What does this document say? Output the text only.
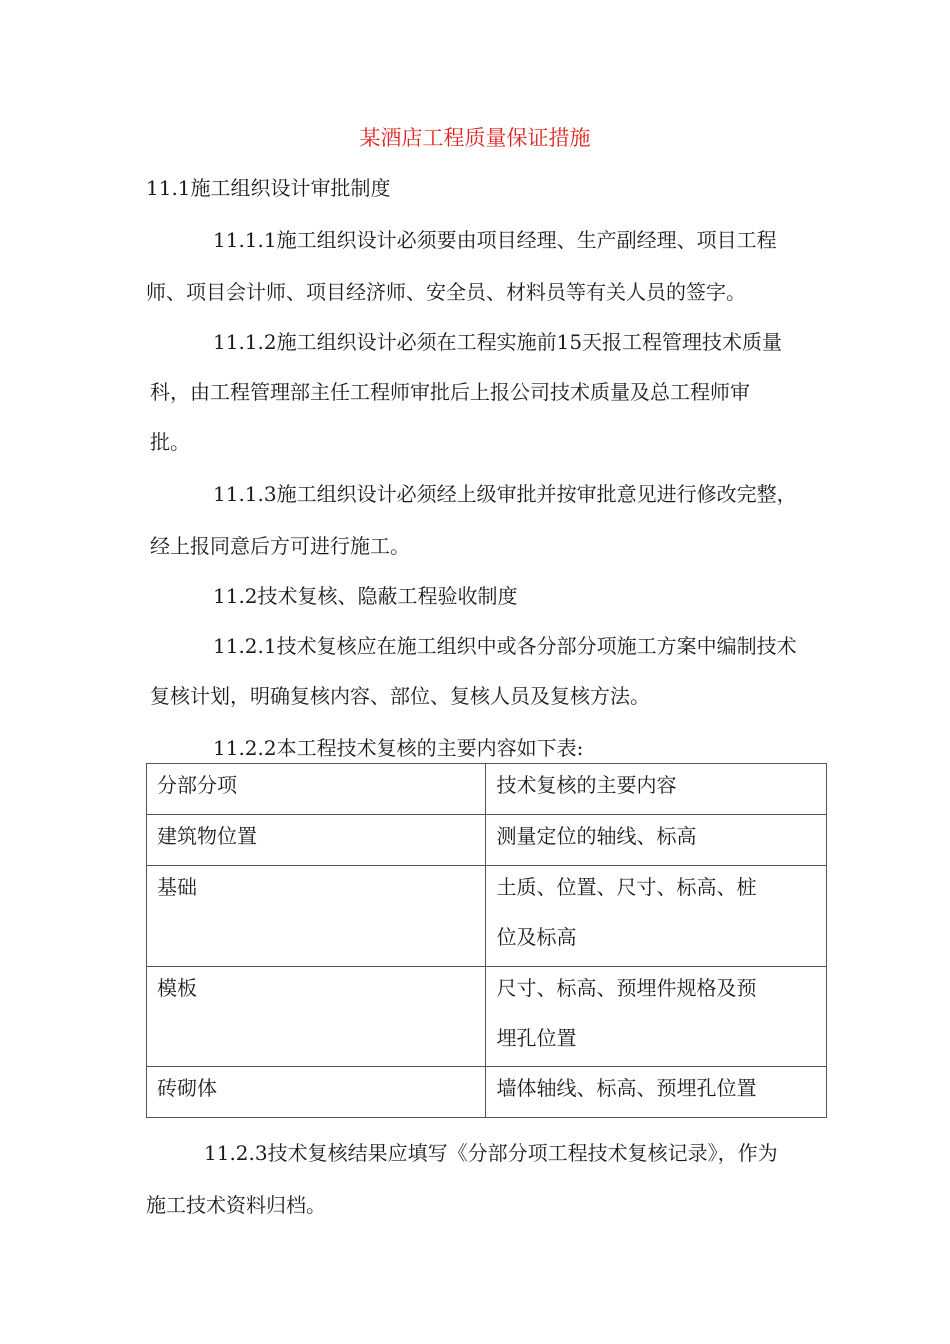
某酒店工程质量保证措施
11.1施工组织设计审批制度
11.1.1施工组织设计必须要由项目经理、生产副经理、项目工程
师、项目会计师、项目经济师、安全员、材料员等有关人员的签字。
11.1.2施工组织设计必须在工程实施前15天报工程管理技术质量
科，由工程管理部主任工程师审批后上报公司技术质量及总工程师审
批。
11.1.3施工组织设计必须经上级审批并按审批意见进行修改完整，
经上报同意后方可进行施工。
11.2技术复核、隐蔽工程验收制度
11.2.1技术复核应在施工组织中或各分部分项施工方案中编制技术
复核计划，明确复核内容、部位、复核人员及复核方法。
11.2.2本工程技术复核的主要内容如下表:
分部分项	技术复核的主要内容

建筑物位置	测量定位的轴线、标高

基础	土质、位置、尺寸、标高、桩
位及标高

模板	尺寸、标高、预埋件规格及预
埋孔位置

砖砌体	墙体轴线、标高、预埋孔位置
11.2.3技术复核结果应填写《分部分项工程技术复核记录》，作为
施工技术资料归档。
